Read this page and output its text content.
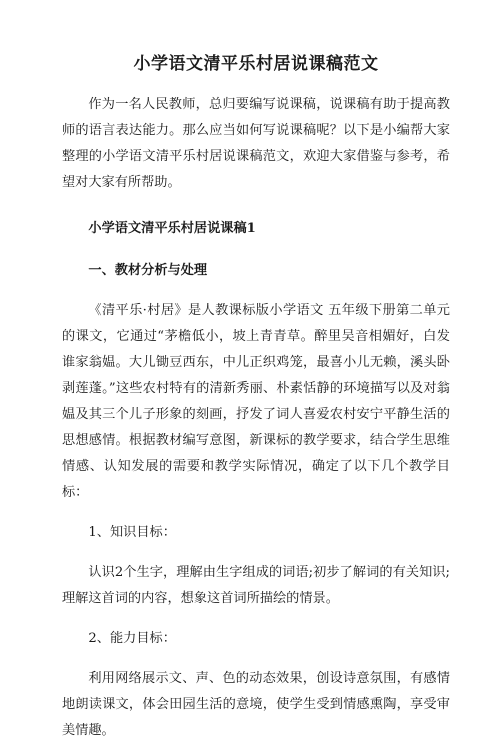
小学语文清平乐村居说课稿范文

作为一名人民教师，总归要编写说课稿，说课稿有助于提高教师的语言表达能力。那么应当如何写说课稿呢？以下是小编帮大家整理的小学语文清平乐村居说课稿范文，欢迎大家借鉴与参考，希望对大家有所帮助。

小学语文清平乐村居说课稿1

一、教材分析与处理

《清平乐·村居》是人教课标版小学语文 五年级下册第二单元的课文，它通过“茅檐低小，坡上青青草。醉里吴音相媚好，白发谁家翁媪。大儿锄豆西东，中儿正织鸡笼，最喜小儿无赖，溪头卧剥莲蓬。”这些农村特有的清新秀丽、朴素恬静的环境描写以及对翁媪及其三个儿子形象的刻画，抒发了词人喜爱农村安宁平静生活的思想感情。根据教材编写意图，新课标的教学要求，结合学生思维情感、认知发展的需要和教学实际情况，确定了以下几个教学目标：

1、知识目标：

认识2个生字，理解由生字组成的词语;初步了解词的有关知识;理解这首词的内容，想象这首词所描绘的情景。

2、能力目标：

利用网络展示文、声、色的动态效果，创设诗意氛围，有感情地朗读课文，体会田园生活的意境，使学生受到情感熏陶，享受审美情趣。
